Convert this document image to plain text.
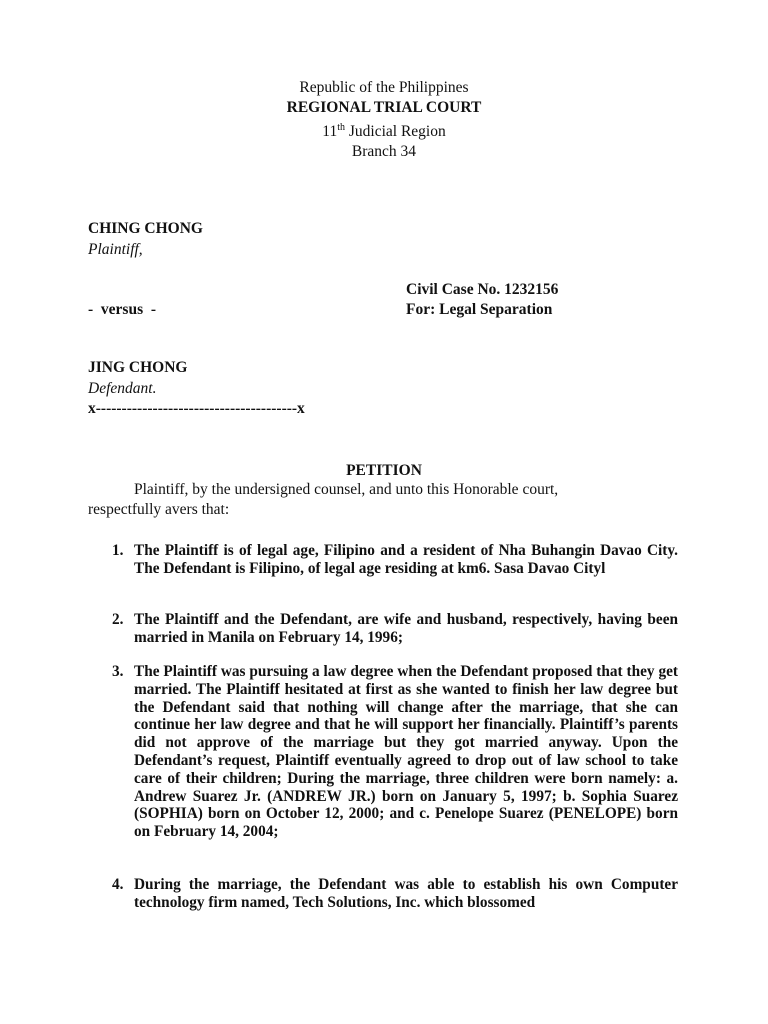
Republic of the Philippines
REGIONAL TRIAL COURT
11th Judicial Region
Branch 34
CHING CHONG
Plaintiff,
Civil Case No. 1232156
-  versus  -	For: Legal Separation
JING CHONG
Defendant.
x---------------------------------------x
PETITION
Plaintiff, by the undersigned counsel, and unto this Honorable court,
respectfully avers that:
1. The Plaintiff is of legal age, Filipino and a resident of Nha Buhangin Davao City. The Defendant is Filipino, of legal age residing at km6. Sasa Davao Cityl
2. The Plaintiff and the Defendant, are wife and husband, respectively, having been married in Manila on February 14, 1996;
3. The Plaintiff was pursuing a law degree when the Defendant proposed that they get married. The Plaintiff hesitated at first as she wanted to finish her law degree but the Defendant said that nothing will change after the marriage, that she can continue her law degree and that he will support her financially. Plaintiff’s parents did not approve of the marriage but they got married anyway. Upon the Defendant’s request, Plaintiff eventually agreed to drop out of law school to take care of their children; During the marriage, three children were born namely: a. Andrew Suarez Jr. (ANDREW JR.) born on January 5, 1997; b. Sophia Suarez (SOPHIA) born on October 12, 2000; and c. Penelope Suarez (PENELOPE) born on February 14, 2004;
4. During the marriage, the Defendant was able to establish his own Computer technology firm named, Tech Solutions, Inc. which blossomed
